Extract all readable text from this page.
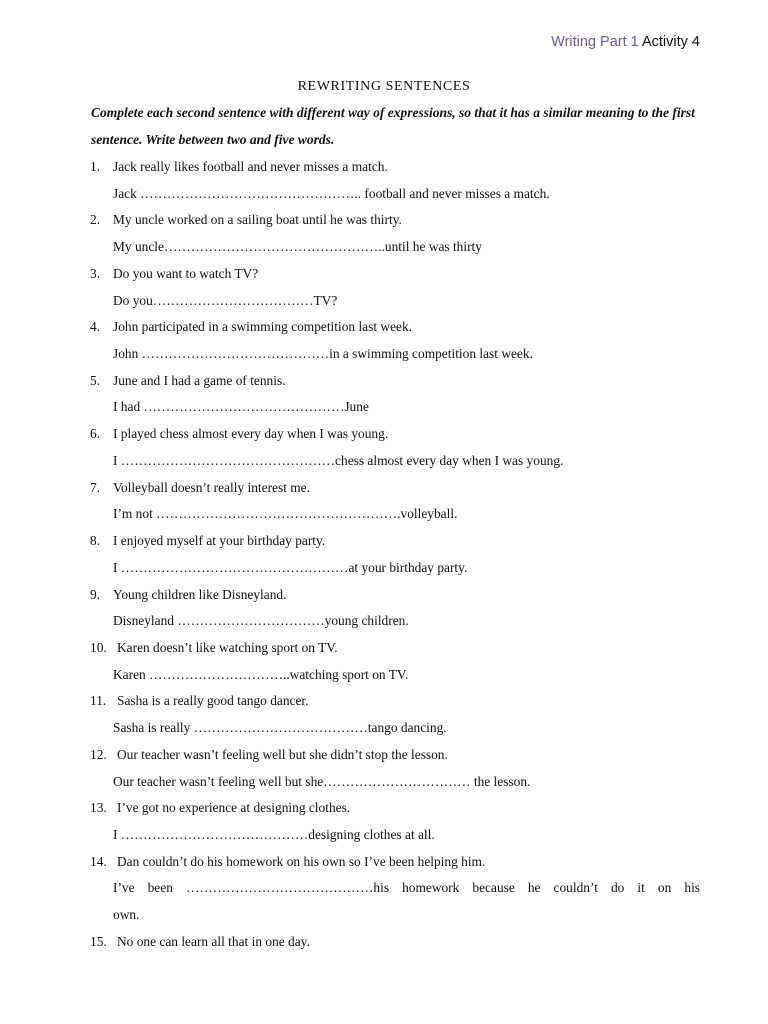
Writing Part 1 Activity 4
REWRITING SENTENCES
Complete each second sentence with different way of expressions, so that it has a similar meaning to the first sentence. Write between two and five words.
1. Jack really likes football and never misses a match.
Jack ………………………………………….. football and never misses a match.
2. My uncle worked on a sailing boat until he was thirty.
My uncle…………………………………………..until he was thirty
3. Do you want to watch TV?
Do you………………………………TV?
4. John participated in a swimming competition last week.
John ……………………………………in a swimming competition last week.
5. June and I had a game of tennis.
I had ………………………………………June
6. I played chess almost every day when I was young.
I …………………………………………chess almost every day when I was young.
7. Volleyball doesn’t really interest me.
I’m not ……………………………………………….volleyball.
8. I enjoyed myself at your birthday party.
I ……………………………………………at your birthday party.
9. Young children like Disneyland.
Disneyland ……………………………young children.
10. Karen doesn’t like watching sport on TV.
Karen …………………………..watching sport on TV.
11. Sasha is a really good tango dancer.
Sasha is really …………………………………tango dancing.
12. Our teacher wasn’t feeling well but she didn’t stop the lesson.
Our teacher wasn’t feeling well but she…………………………… the lesson.
13. I’ve got no experience at designing clothes.
I ……………………………………designing clothes at all.
14. Dan couldn’t do his homework on his own so I’ve been helping him.
I’ve been ……………………………………his homework because he couldn’t do it on his
own.
15. No one can learn all that in one day.
